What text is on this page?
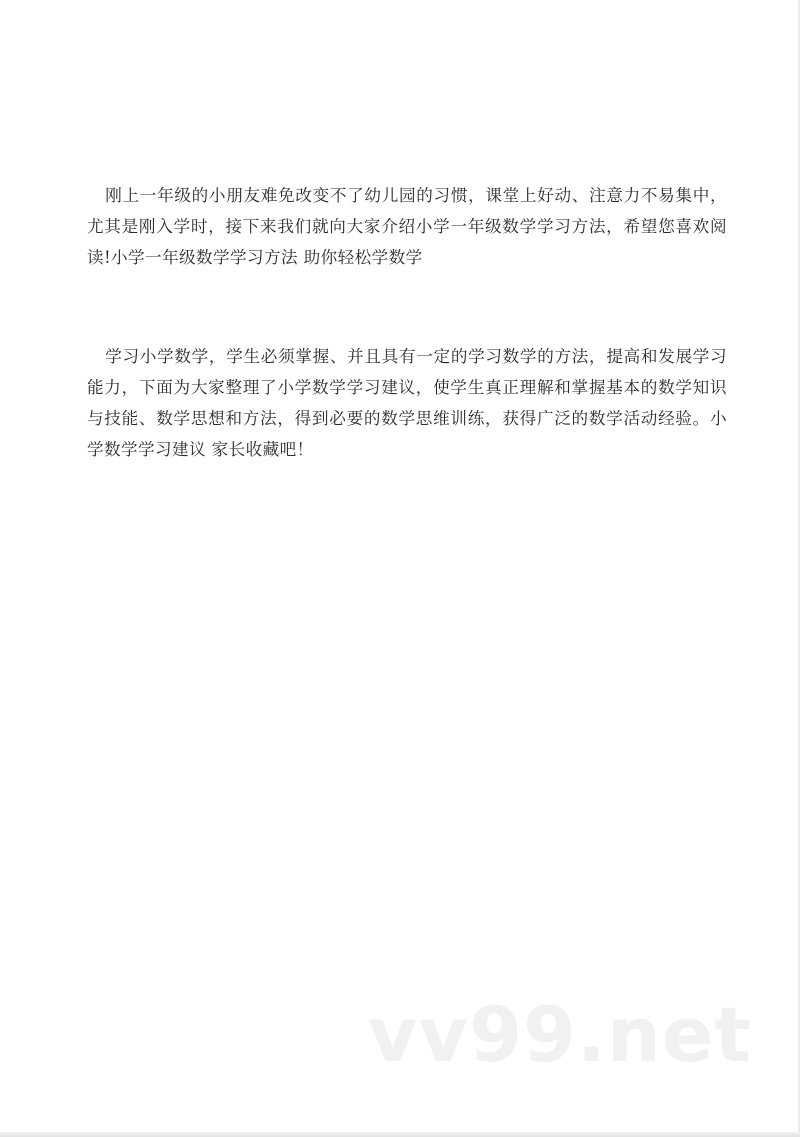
刚上一年级的小朋友难免改变不了幼儿园的习惯，课堂上好动、注意力不易集中，尤其是刚入学时，接下来我们就向大家介绍小学一年级数学学习方法，希望您喜欢阅读!小学一年级数学学习方法 助你轻松学数学

学习小学数学，学生必须掌握、并且具有一定的学习数学的方法，提高和发展学习能力，下面为大家整理了小学数学学习建议，使学生真正理解和掌握基本的数学知识与技能、数学思想和方法，得到必要的数学思维训练，获得广泛的数学活动经验。小学数学学习建议 家长收藏吧！

vv99.net
